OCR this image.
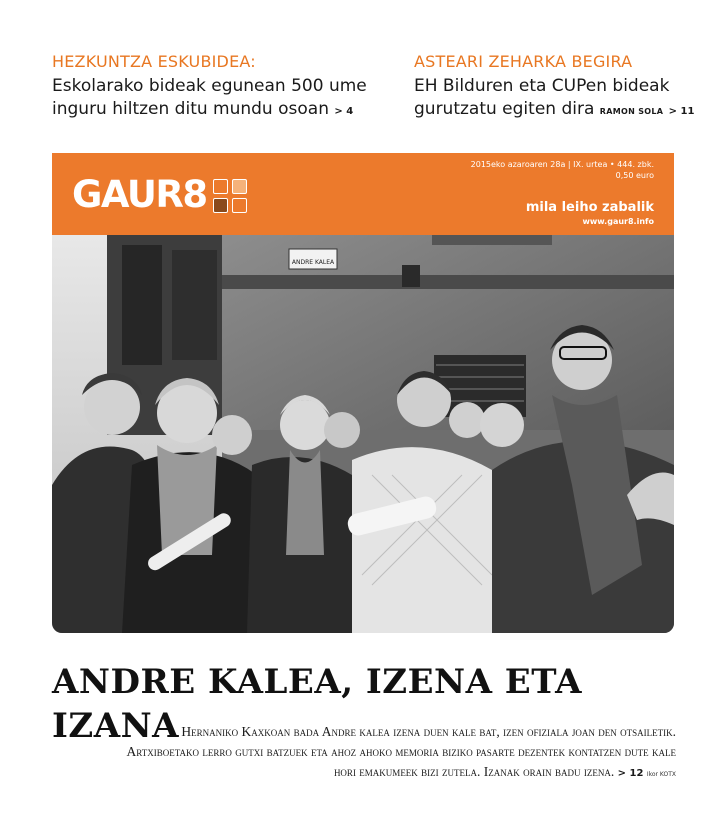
HEZKUNTZA ESKUBIDEA:
Eskolarako bideak egunean 500 ume inguru hiltzen ditu mundu osoan > 4
ASTEARI ZEHARKA BEGIRA
EH Bilduren eta CUPen bideak gurutzatu egiten dira RAMON SOLA > 11
GAUR8
2015eko azaroaren 28a | IX. urtea • 444. zbk.
0,50 euro
mila leiho zabalik
www.gaur8.info
ANDRE KALEA
ANDRE KALEA, IZENA ETA IZANA Hernaniko Kaxkoan bada Andre kalea izena duen kale bat, izen ofiziala joan den otsailetik. Artxiboetako lerro gutxi batzuek eta ahoz ahoko memoria biziko pasarte dezentek kontatzen dute kale hori emakumeek bizi zutela. Izanak orain badu izena. > 12 Ikor KOTX
